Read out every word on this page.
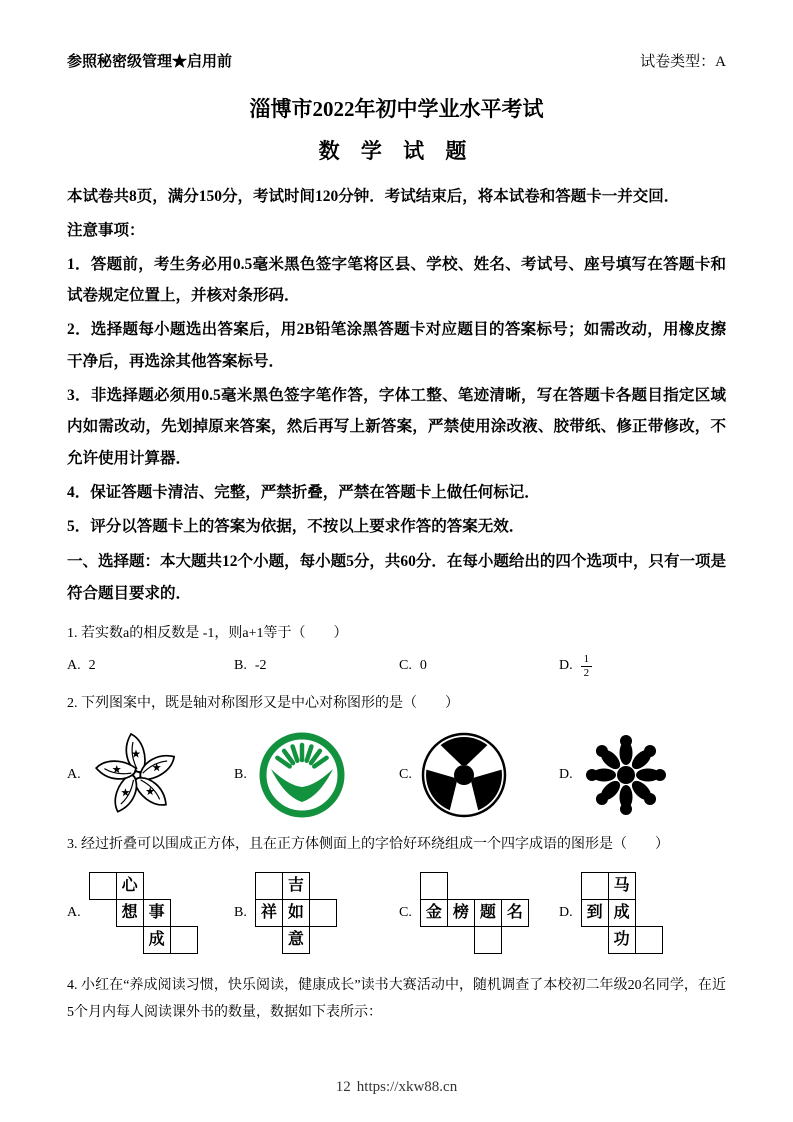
参照秘密级管理★启用前	试卷类型：A
淄博市2022年初中学业水平考试
数 学 试 题

本试卷共8页，满分150分，考试时间120分钟．考试结束后，将本试卷和答题卡一并交回．

注意事项：

1．答题前，考生务必用0.5毫米黑色签字笔将区县、学校、姓名、考试号、座号填写在答题卡和试卷规定位置上，并核对条形码．

2．选择题每小题选出答案后，用2B铅笔涂黑答题卡对应题目的答案标号；如需改动，用橡皮擦干净后，再选涂其他答案标号．

3．非选择题必须用0.5毫米黑色签字笔作答，字体工整、笔迹清晰，写在答题卡各题目指定区域内如需改动，先划掉原来答案，然后再写上新答案，严禁使用涂改液、胶带纸、修正带修改，不允许使用计算器．

4．保证答题卡清洁、完整，严禁折叠，严禁在答题卡上做任何标记．

5．评分以答题卡上的答案为依据，不按以上要求作答的答案无效．

一、选择题：本大题共12个小题，每小题5分，共60分．在每小题给出的四个选项中，只有一项是符合题目要求的．

1. 若实数a的相反数是 -1，则a+1等于（　　）

A. 2	B. -2	C. 0	D. $\frac{1}{2}$

2. 下列图案中，既是轴对称图形又是中心对称图形的是（　　）

A.	B.	C.	D.

3. 经过折叠可以围成正方体，且在正方体侧面上的字恰好环绕组成一个四字成语的图形是（　　）

A.
心
想 事
成
B.
吉
祥 如
意
C. 金 榜 题 名	D.
马
到 成
功

4. 小红在“养成阅读习惯，快乐阅读，健康成长”读书大赛活动中，随机调查了本校初二年级20名同学，在近5个月内每人阅读课外书的数量，数据如下表所示：

12 https://xkw88.cn
